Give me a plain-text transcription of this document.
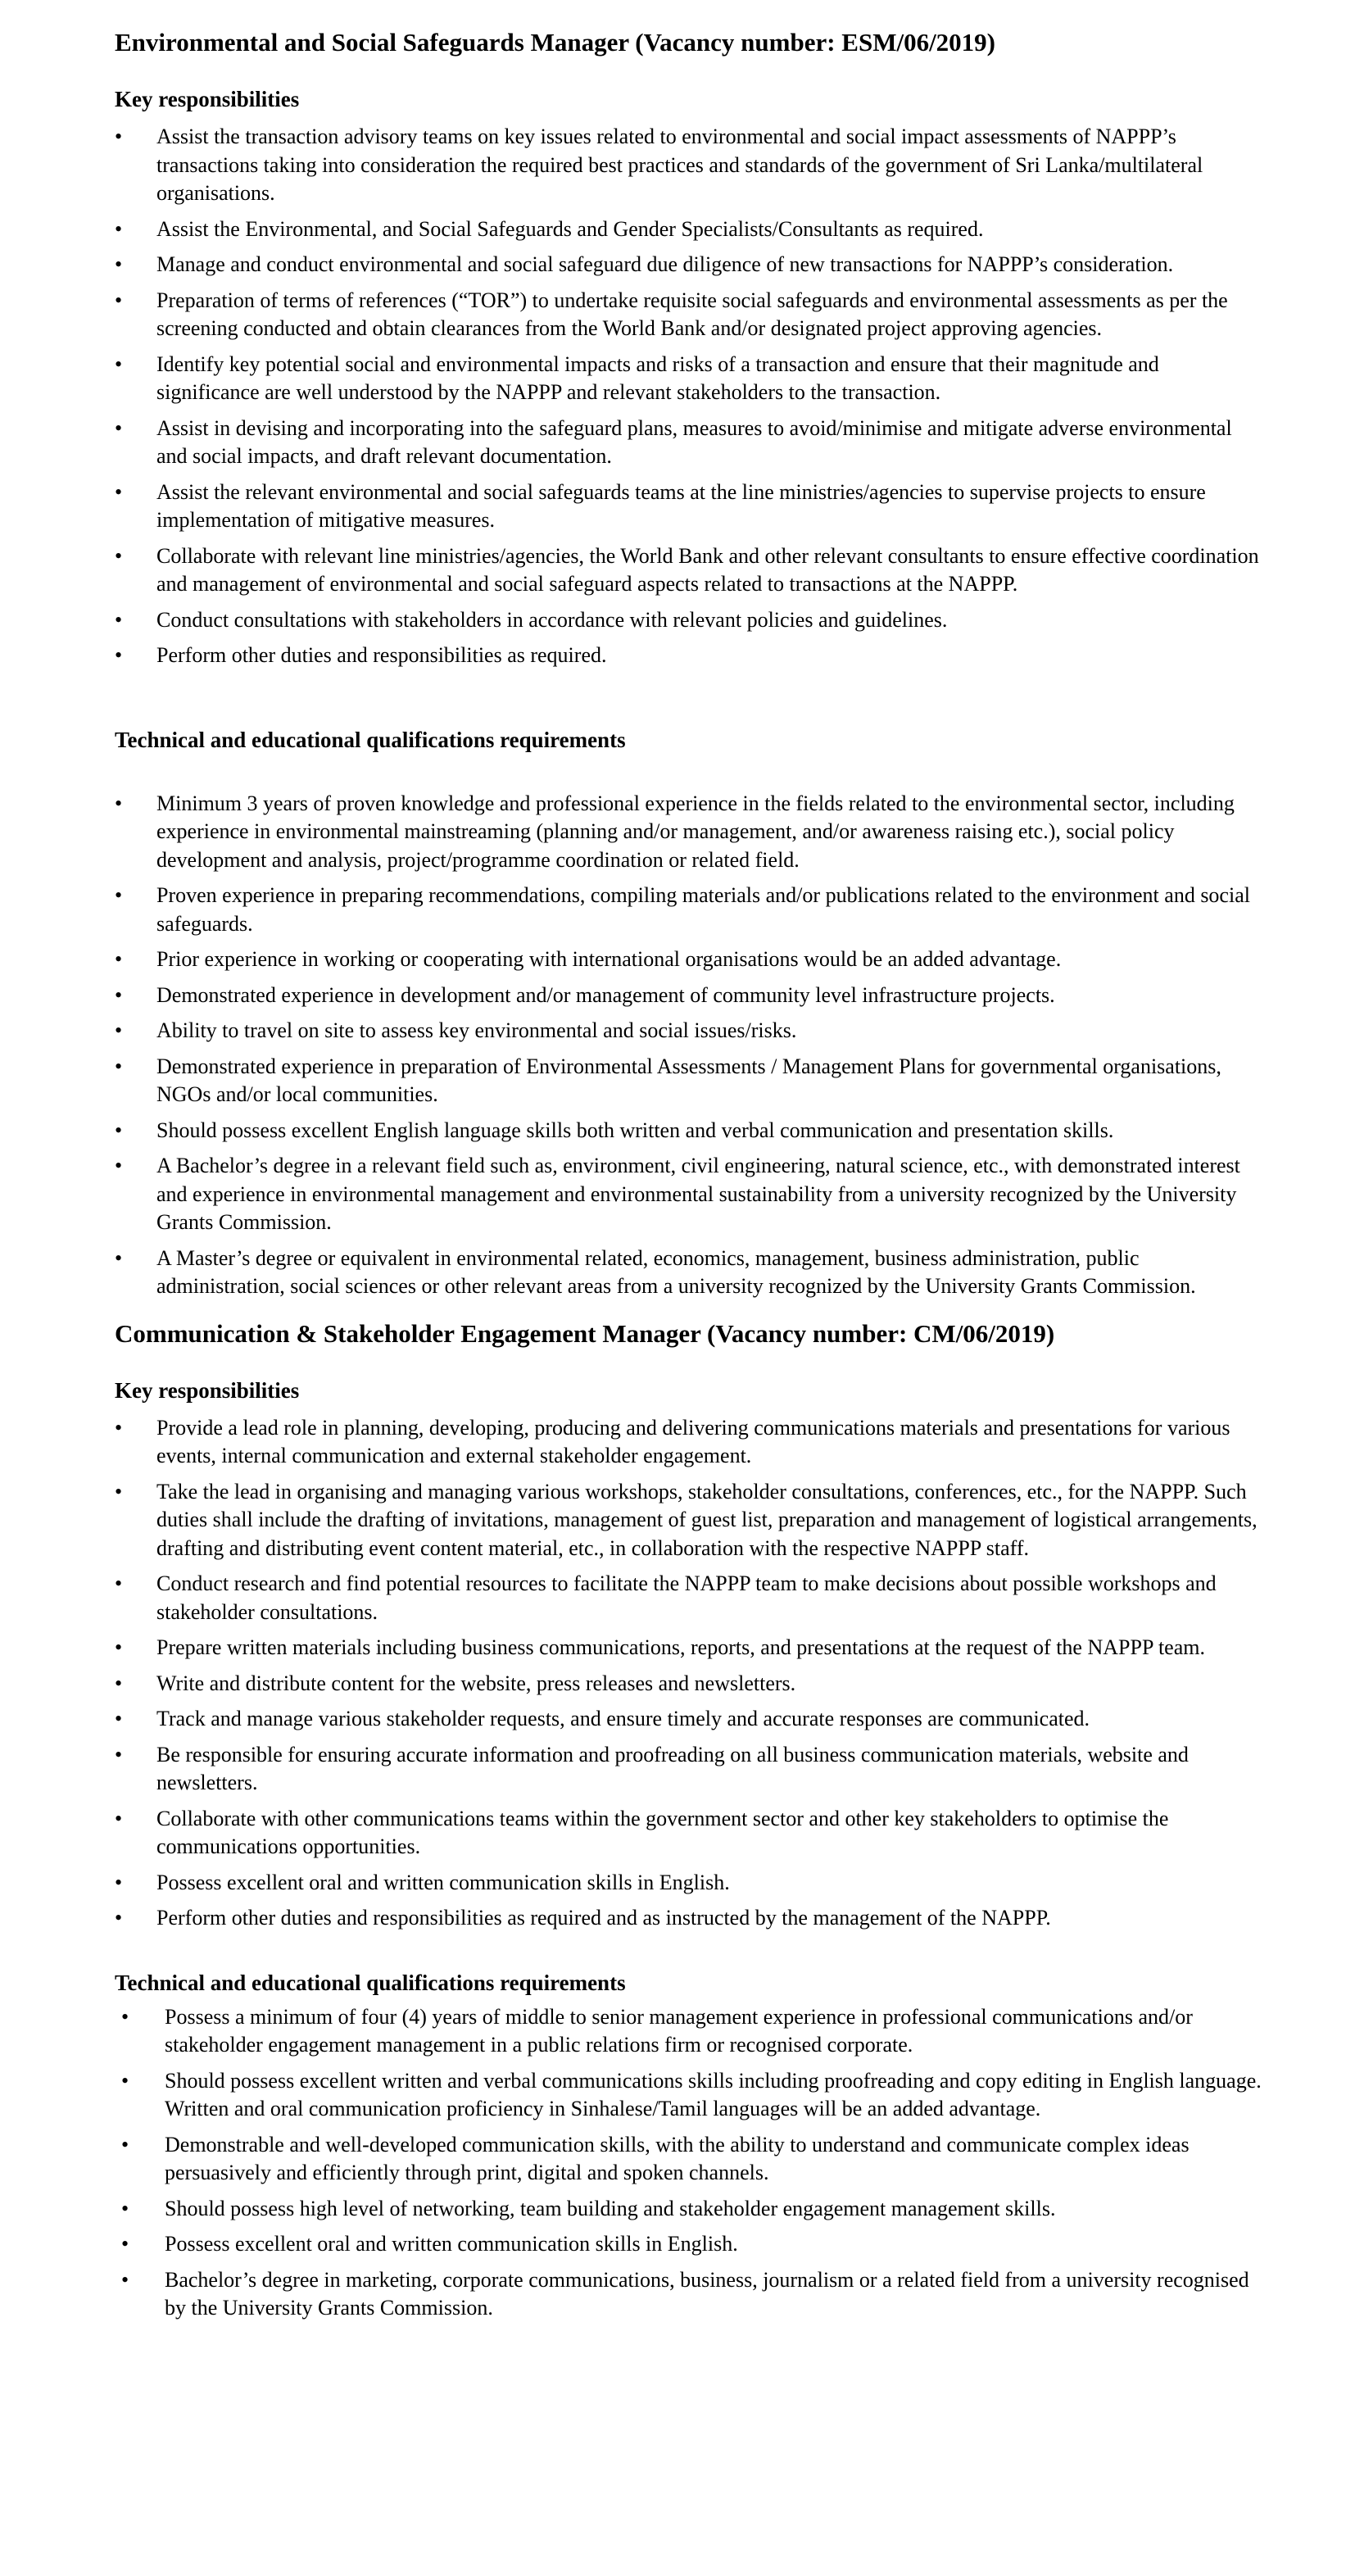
Environmental and Social Safeguards Manager (Vacancy number: ESM/06/2019)
Key responsibilities
• Assist the transaction advisory teams on key issues related to environmental and social impact assessments of NAPPP’s transactions taking into consideration the required best practices and standards of the government of Sri Lanka/multilateral organisations.
• Assist the Environmental, and Social Safeguards and Gender Specialists/Consultants as required.
• Manage and conduct environmental and social safeguard due diligence of new transactions for NAPPP’s consideration.
• Preparation of terms of references (“TOR”) to undertake requisite social safeguards and environmental assessments as per the screening conducted and obtain clearances from the World Bank and/or designated project approving agencies.
• Identify key potential social and environmental impacts and risks of a transaction and ensure that their magnitude and significance are well understood by the NAPPP and relevant stakeholders to the transaction.
• Assist in devising and incorporating into the safeguard plans, measures to avoid/minimise and mitigate adverse environmental and social impacts, and draft relevant documentation.
• Assist the relevant environmental and social safeguards teams at the line ministries/agencies to supervise projects to ensure implementation of mitigative measures.
• Collaborate with relevant line ministries/agencies, the World Bank and other relevant consultants to ensure effective coordination and management of environmental and social safeguard aspects related to transactions at the NAPPP.
• Conduct consultations with stakeholders in accordance with relevant policies and guidelines.
• Perform other duties and responsibilities as required.
Technical and educational qualifications requirements
• Minimum 3 years of proven knowledge and professional experience in the fields related to the environmental sector, including experience in environmental mainstreaming (planning and/or management, and/or awareness raising etc.), social policy development and analysis, project/programme coordination or related field.
• Proven experience in preparing recommendations, compiling materials and/or publications related to the environment and social safeguards.
• Prior experience in working or cooperating with international organisations would be an added advantage.
• Demonstrated experience in development and/or management of community level infrastructure projects.
• Ability to travel on site to assess key environmental and social issues/risks.
• Demonstrated experience in preparation of Environmental Assessments / Management Plans for governmental organisations, NGOs and/or local communities.
• Should possess excellent English language skills both written and verbal communication and presentation skills.
• A Bachelor’s degree in a relevant field such as, environment, civil engineering, natural science, etc., with demonstrated interest and experience in environmental management and environmental sustainability from a university recognized by the University Grants Commission.
• A Master’s degree or equivalent in environmental related, economics, management, business administration, public administration, social sciences or other relevant areas from a university recognized by the University Grants Commission.
Communication & Stakeholder Engagement Manager (Vacancy number: CM/06/2019)
Key responsibilities
• Provide a lead role in planning, developing, producing and delivering communications materials and presentations for various events, internal communication and external stakeholder engagement.
• Take the lead in organising and managing various workshops, stakeholder consultations, conferences, etc., for the NAPPP. Such duties shall include the drafting of invitations, management of guest list, preparation and management of logistical arrangements, drafting and distributing event content material, etc., in collaboration with the respective NAPPP staff.
• Conduct research and find potential resources to facilitate the NAPPP team to make decisions about possible workshops and stakeholder consultations.
• Prepare written materials including business communications, reports, and presentations at the request of the NAPPP team.
• Write and distribute content for the website, press releases and newsletters.
• Track and manage various stakeholder requests, and ensure timely and accurate responses are communicated.
• Be responsible for ensuring accurate information and proofreading on all business communication materials, website and newsletters.
• Collaborate with other communications teams within the government sector and other key stakeholders to optimise the communications opportunities.
• Possess excellent oral and written communication skills in English.
• Perform other duties and responsibilities as required and as instructed by the management of the NAPPP.
Technical and educational qualifications requirements
• Possess a minimum of four (4) years of middle to senior management experience in professional communications and/or stakeholder engagement management in a public relations firm or recognised corporate.
• Should possess excellent written and verbal communications skills including proofreading and copy editing in English language. Written and oral communication proficiency in Sinhalese/Tamil languages will be an added advantage.
• Demonstrable and well-developed communication skills, with the ability to understand and communicate complex ideas persuasively and efficiently through print, digital and spoken channels.
• Should possess high level of networking, team building and stakeholder engagement management skills.
• Possess excellent oral and written communication skills in English.
• Bachelor’s degree in marketing, corporate communications, business, journalism or a related field from a university recognised by the University Grants Commission.
